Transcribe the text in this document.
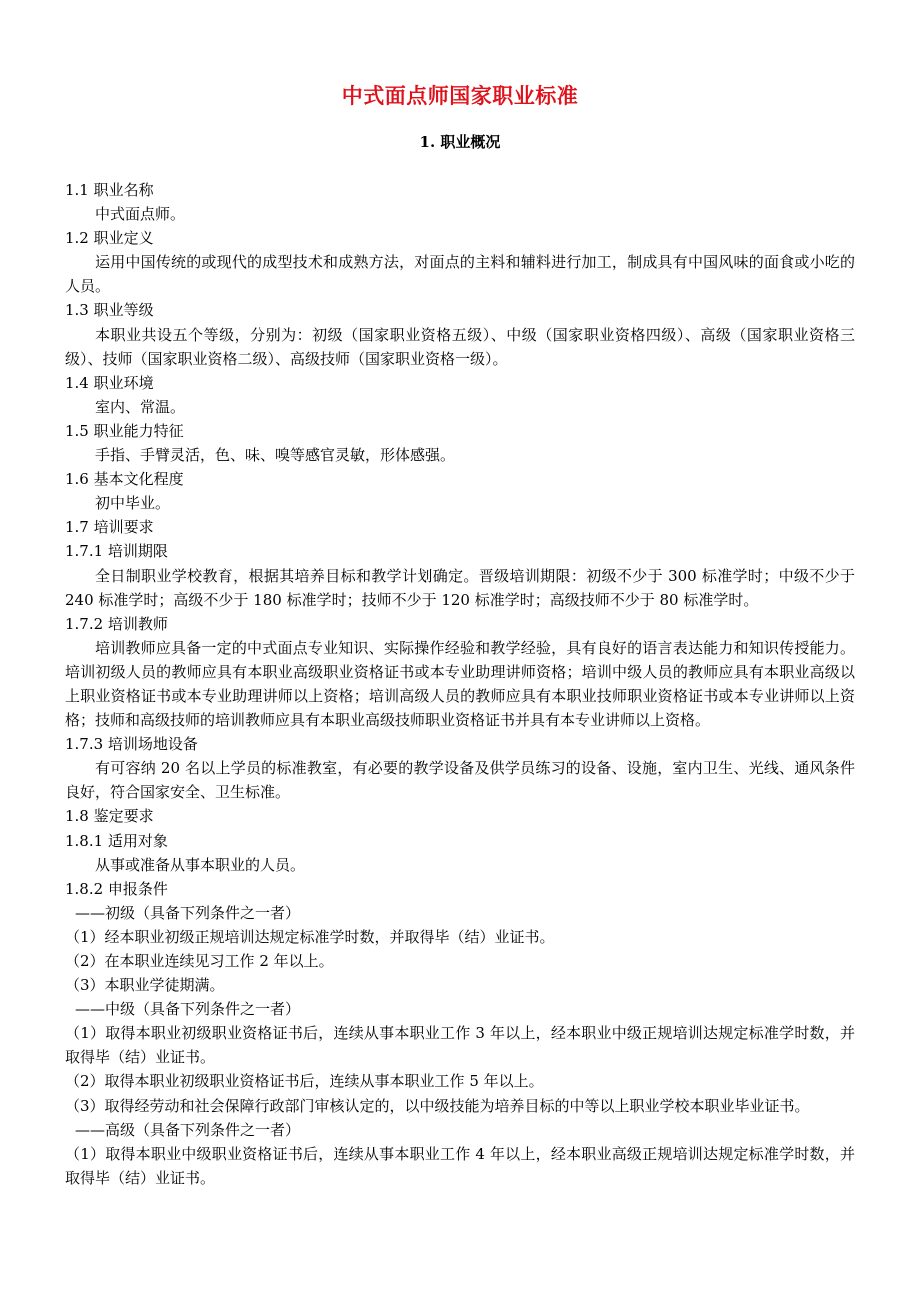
中式面点师国家职业标准
1. 职业概况
1.1 职业名称
中式面点师。
1.2 职业定义
运用中国传统的或现代的成型技术和成熟方法，对面点的主料和辅料进行加工，制成具有中国风味的面食或小吃的人员。
1.3 职业等级
本职业共设五个等级，分别为：初级（国家职业资格五级）、中级（国家职业资格四级）、高级（国家职业资格三级）、技师（国家职业资格二级）、高级技师（国家职业资格一级）。
1.4 职业环境
室内、常温。
1.5 职业能力特征
手指、手臂灵活，色、味、嗅等感官灵敏，形体感强。
1.6 基本文化程度
初中毕业。
1.7 培训要求
1.7.1 培训期限
全日制职业学校教育，根据其培养目标和教学计划确定。晋级培训期限：初级不少于 300 标准学时；中级不少于 240 标准学时；高级不少于 180 标准学时；技师不少于 120 标准学时；高级技师不少于 80 标准学时。
1.7.2 培训教师
培训教师应具备一定的中式面点专业知识、实际操作经验和教学经验，具有良好的语言表达能力和知识传授能力。培训初级人员的教师应具有本职业高级职业资格证书或本专业助理讲师资格；培训中级人员的教师应具有本职业高级以上职业资格证书或本专业助理讲师以上资格；培训高级人员的教师应具有本职业技师职业资格证书或本专业讲师以上资格；技师和高级技师的培训教师应具有本职业高级技师职业资格证书并具有本专业讲师以上资格。
1.7.3 培训场地设备
有可容纳 20 名以上学员的标准教室，有必要的教学设备及供学员练习的设备、设施，室内卫生、光线、通风条件良好，符合国家安全、卫生标准。
1.8 鉴定要求
1.8.1 适用对象
从事或准备从事本职业的人员。
1.8.2 申报条件
——初级（具备下列条件之一者）
（1）经本职业初级正规培训达规定标准学时数，并取得毕（结）业证书。
（2）在本职业连续见习工作 2 年以上。
（3）本职业学徒期满。
——中级（具备下列条件之一者）
（1）取得本职业初级职业资格证书后，连续从事本职业工作 3 年以上，经本职业中级正规培训达规定标准学时数，并取得毕（结）业证书。
（2）取得本职业初级职业资格证书后，连续从事本职业工作 5 年以上。
（3）取得经劳动和社会保障行政部门审核认定的，以中级技能为培养目标的中等以上职业学校本职业毕业证书。
——高级（具备下列条件之一者）
（1）取得本职业中级职业资格证书后，连续从事本职业工作 4 年以上，经本职业高级正规培训达规定标准学时数，并取得毕（结）业证书。
